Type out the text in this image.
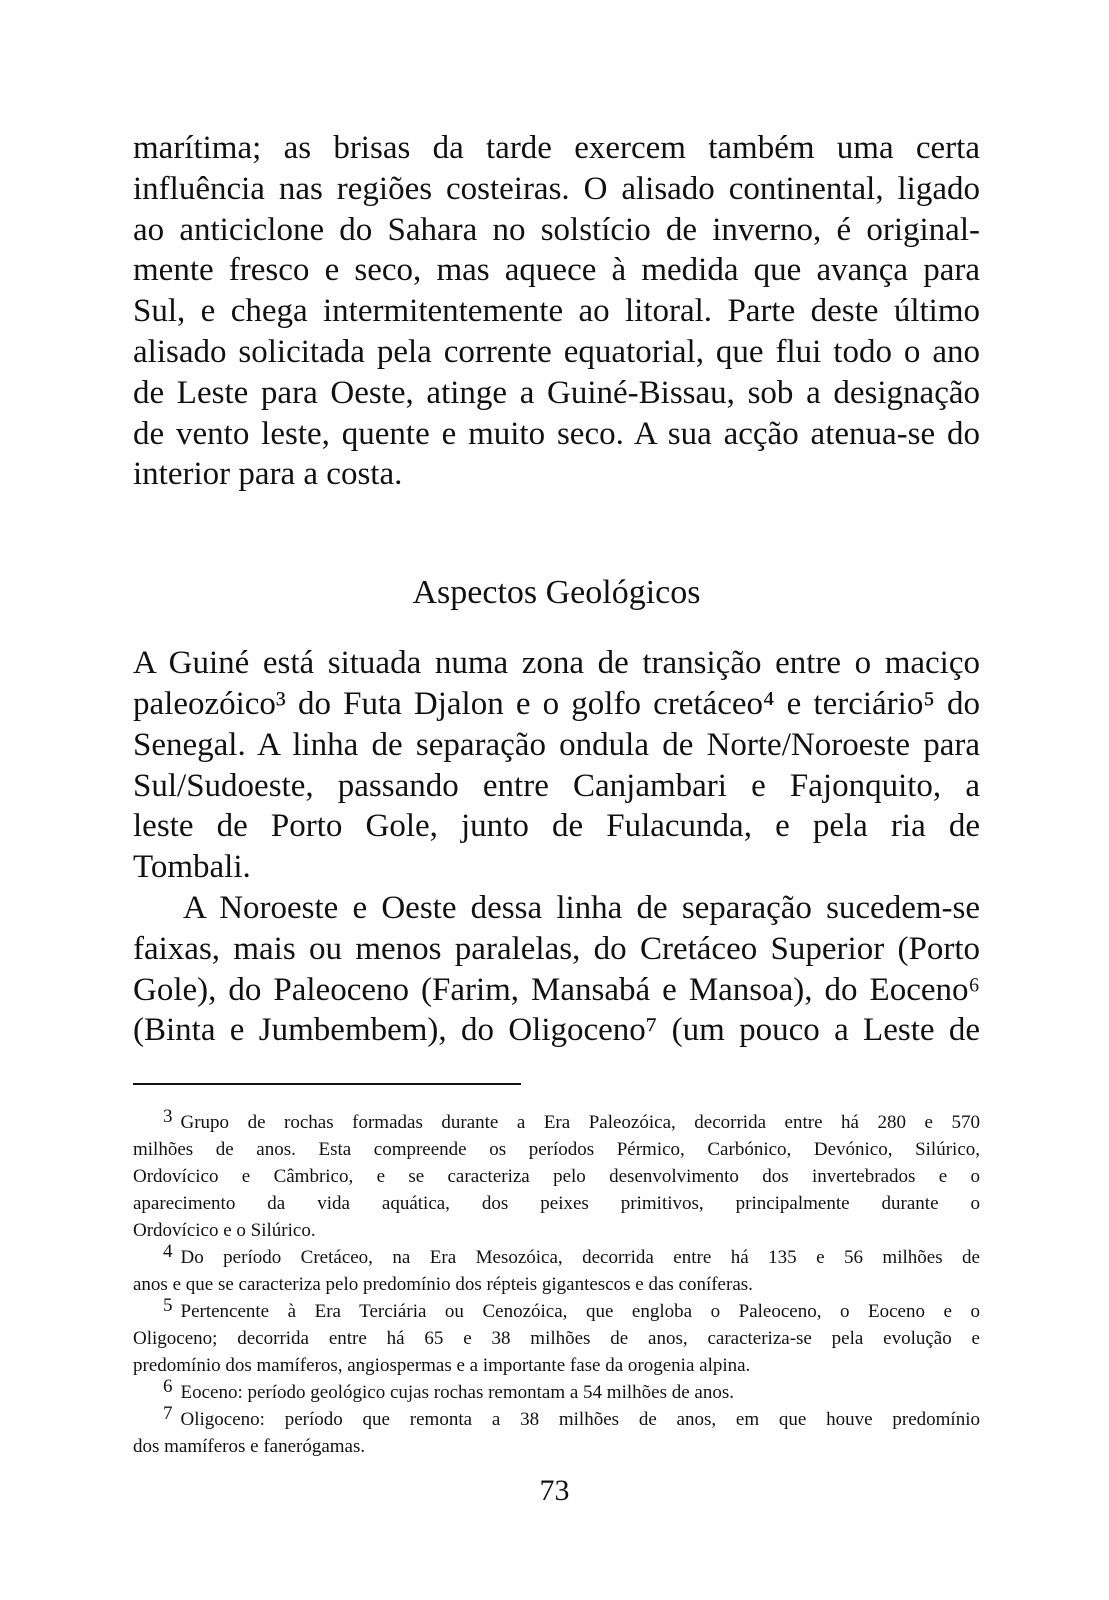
marítima; as brisas da tarde exercem também uma certa
influência nas regiões costeiras. O alisado continental, ligado
ao anticiclone do Sahara no solstício de inverno, é original-
mente fresco e seco, mas aquece à medida que avança para
Sul, e chega intermitentemente ao litoral. Parte deste último
alisado solicitada pela corrente equatorial, que flui todo o ano
de Leste para Oeste, atinge a Guiné-Bissau, sob a designação
de vento leste, quente e muito seco. A sua acção atenua-se do
interior para a costa.
Aspectos Geológicos
A Guiné está situada numa zona de transição entre o maciço
paleozóico³ do Futa Djalon e o golfo cretáceo⁴ e terciário⁵ do
Senegal. A linha de separação ondula de Norte/Noroeste para
Sul/Sudoeste, passando entre Canjambari e Fajonquito, a
leste de Porto Gole, junto de Fulacunda, e pela ria de
Tombali.
A Noroeste e Oeste dessa linha de separação sucedem-se
faixas, mais ou menos paralelas, do Cretáceo Superior (Porto
Gole), do Paleoceno (Farim, Mansabá e Mansoa), do Eoceno⁶
(Binta e Jumbembem), do Oligoceno⁷ (um pouco a Leste de
3 Grupo de rochas formadas durante a Era Paleozóica, decorrida entre há 280 e 570
milhões de anos. Esta compreende os períodos Pérmico, Carbónico, Devónico, Silúrico,
Ordovícico e Câmbrico, e se caracteriza pelo desenvolvimento dos invertebrados e o
aparecimento da vida aquática, dos peixes primitivos, principalmente durante o
Ordovícico e o Silúrico.
4 Do período Cretáceo, na Era Mesozóica, decorrida entre há 135 e 56 milhões de
anos e que se caracteriza pelo predomínio dos répteis gigantescos e das coníferas.
5 Pertencente à Era Terciária ou Cenozóica, que engloba o Paleoceno, o Eoceno e o
Oligoceno; decorrida entre há 65 e 38 milhões de anos, caracteriza-se pela evolução e
predomínio dos mamíferos, angiospermas e a importante fase da orogenia alpina.
6 Eoceno: período geológico cujas rochas remontam a 54 milhões de anos.
7 Oligoceno: período que remonta a 38 milhões de anos, em que houve predomínio
dos mamíferos e fanerógamas.
73
